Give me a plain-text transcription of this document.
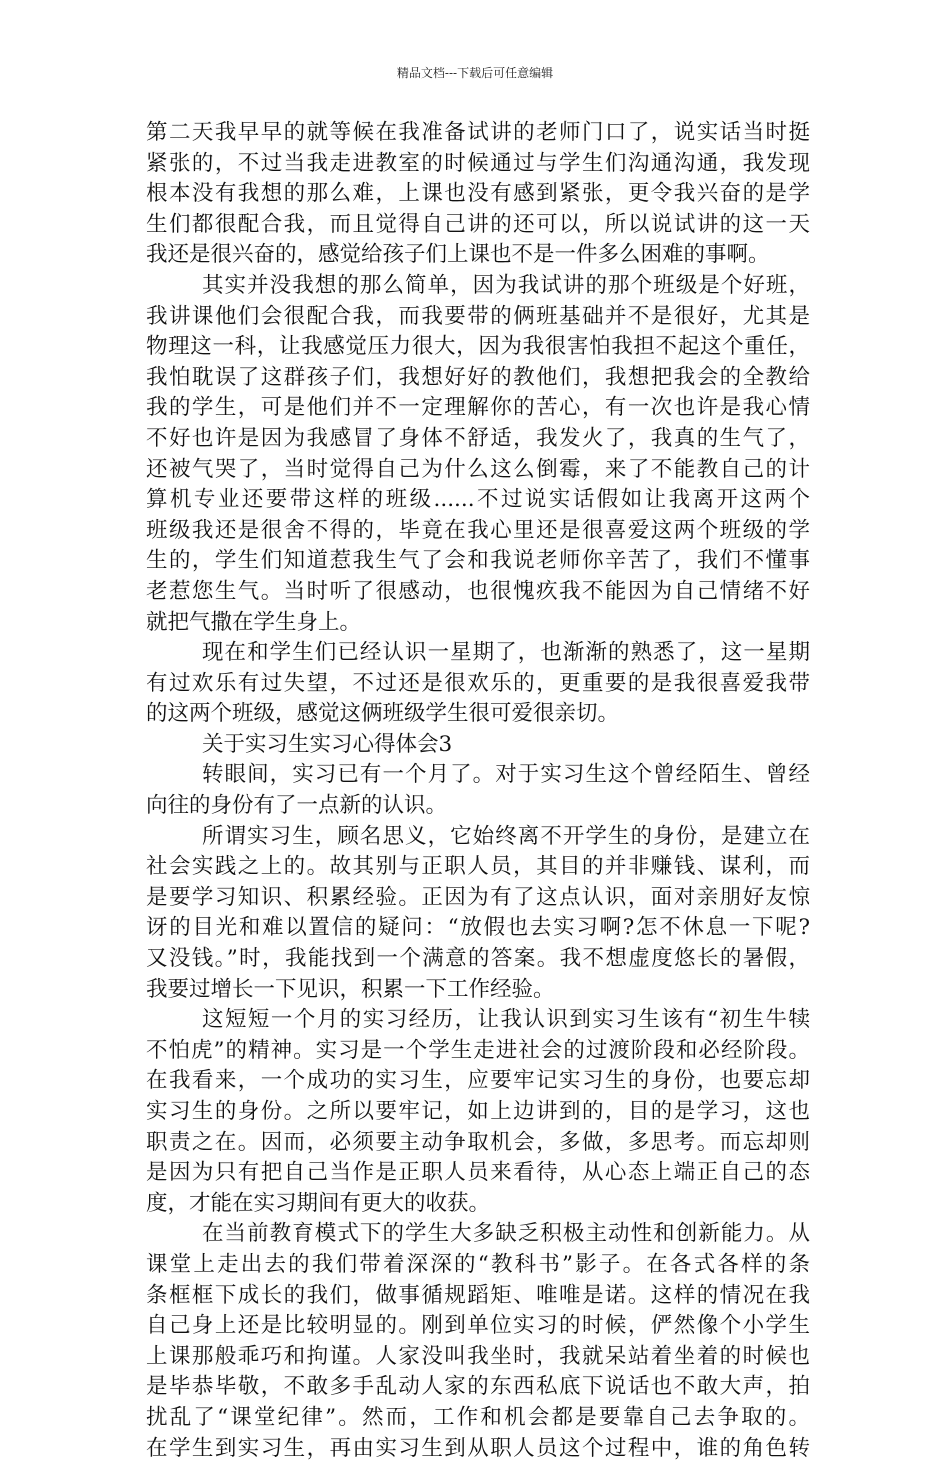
精品文档---下载后可任意编辑
第二天我早早的就等候在我准备试讲的老师门口了，说实话当时挺
紧张的，不过当我走进教室的时候通过与学生们沟通沟通，我发现
根本没有我想的那么难，上课也没有感到紧张，更令我兴奋的是学
生们都很配合我，而且觉得自己讲的还可以，所以说试讲的这一天
我还是很兴奋的，感觉给孩子们上课也不是一件多么困难的事啊。
其实并没我想的那么简单，因为我试讲的那个班级是个好班，
我讲课他们会很配合我，而我要带的俩班基础并不是很好，尤其是
物理这一科，让我感觉压力很大，因为我很害怕我担不起这个重任，
我怕耽误了这群孩子们，我想好好的教他们，我想把我会的全教给
我的学生，可是他们并不一定理解你的苦心，有一次也许是我心情
不好也许是因为我感冒了身体不舒适，我发火了，我真的生气了，
还被气哭了，当时觉得自己为什么这么倒霉，来了不能教自己的计
算机专业还要带这样的班级......不过说实话假如让我离开这两个
班级我还是很舍不得的，毕竟在我心里还是很喜爱这两个班级的学
生的，学生们知道惹我生气了会和我说老师你辛苦了，我们不懂事
老惹您生气。当时听了很感动，也很愧疚我不能因为自己情绪不好
就把气撒在学生身上。
现在和学生们已经认识一星期了，也渐渐的熟悉了，这一星期
有过欢乐有过失望，不过还是很欢乐的，更重要的是我很喜爱我带
的这两个班级，感觉这俩班级学生很可爱很亲切。
关于实习生实习心得体会3
转眼间，实习已有一个月了。对于实习生这个曾经陌生、曾经
向往的身份有了一点新的认识。
所谓实习生，顾名思义，它始终离不开学生的身份，是建立在
社会实践之上的。故其别与正职人员，其目的并非赚钱、谋利，而
是要学习知识、积累经验。正因为有了这点认识，面对亲朋好友惊
讶的目光和难以置信的疑问：“放假也去实习啊?怎不休息一下呢?
又没钱。”时，我能找到一个满意的答案。我不想虚度悠长的暑假，
我要过增长一下见识，积累一下工作经验。
这短短一个月的实习经历，让我认识到实习生该有“初生牛犊
不怕虎”的精神。实习是一个学生走进社会的过渡阶段和必经阶段。
在我看来，一个成功的实习生，应要牢记实习生的身份，也要忘却
实习生的身份。之所以要牢记，如上边讲到的，目的是学习，这也
职责之在。因而，必须要主动争取机会，多做，多思考。而忘却则
是因为只有把自己当作是正职人员来看待，从心态上端正自己的态
度，才能在实习期间有更大的收获。
在当前教育模式下的学生大多缺乏积极主动性和创新能力。从
课堂上走出去的我们带着深深的“教科书”影子。在各式各样的条
条框框下成长的我们，做事循规蹈矩、唯唯是诺。这样的情况在我
自己身上还是比较明显的。刚到单位实习的时候，俨然像个小学生
上课那般乖巧和拘谨。人家没叫我坐时，我就呆站着坐着的时候也
是毕恭毕敬，不敢多手乱动人家的东西私底下说话也不敢大声，拍
扰乱了“课堂纪律”。然而，工作和机会都是要靠自己去争取的。
在学生到实习生，再由实习生到从职人员这个过程中，谁的角色转
